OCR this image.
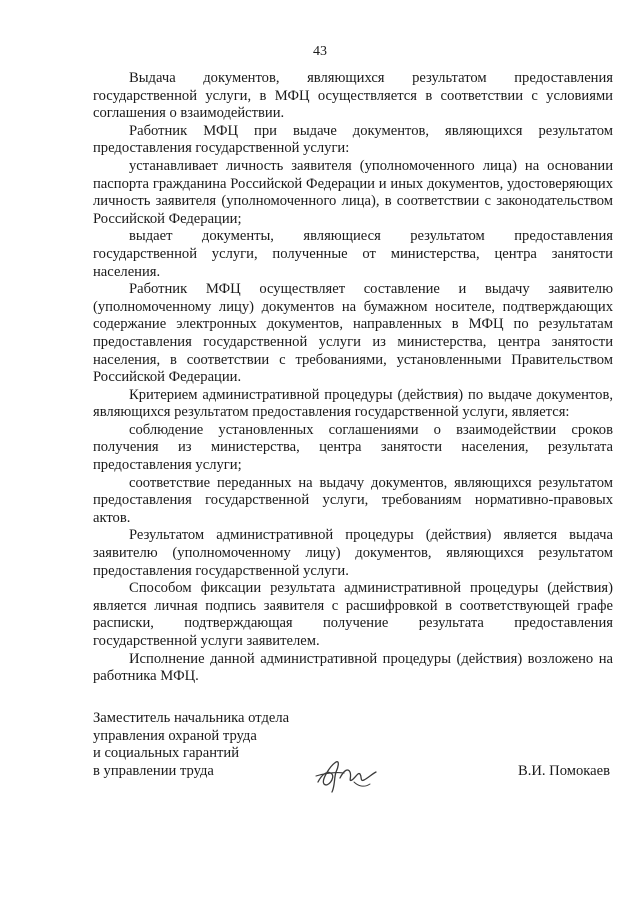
43

Выдача документов, являющихся результатом предоставления государственной услуги, в МФЦ осуществляется в соответствии с условиями соглашения о взаимодействии.

Работник МФЦ при выдаче документов, являющихся результатом предоставления государственной услуги:

устанавливает личность заявителя (уполномоченного лица) на основании паспорта гражданина Российской Федерации и иных документов, удостоверяющих личность заявителя (уполномоченного лица), в соответствии с законодательством Российской Федерации;

выдает документы, являющиеся результатом предоставления государственной услуги, полученные от министерства, центра занятости населения.

Работник МФЦ осуществляет составление и выдачу заявителю (уполномоченному лицу) документов на бумажном носителе, подтверждающих содержание электронных документов, направленных в МФЦ по результатам предоставления государственной услуги из министерства, центра занятости населения, в соответствии с требованиями, установленными Правительством Российской Федерации.

Критерием административной процедуры (действия) по выдаче документов, являющихся результатом предоставления государственной услуги, является:

соблюдение установленных соглашениями о взаимодействии сроков получения из министерства, центра занятости населения, результата предоставления услуги;

соответствие переданных на выдачу документов, являющихся результатом предоставления государственной услуги, требованиям нормативно-правовых актов.

Результатом административной процедуры (действия) является выдача заявителю (уполномоченному лицу) документов, являющихся результатом предоставления государственной услуги.

Способом фиксации результата административной процедуры (действия) является личная подпись заявителя с расшифровкой в соответствующей графе расписки, подтверждающая получение результата предоставления государственной услуги заявителем.

Исполнение данной административной процедуры (действия) возложено на работника МФЦ.

Заместитель начальника отдела
управления охраной труда
и социальных гарантий
в управлении труда	В.И. Помокаев
